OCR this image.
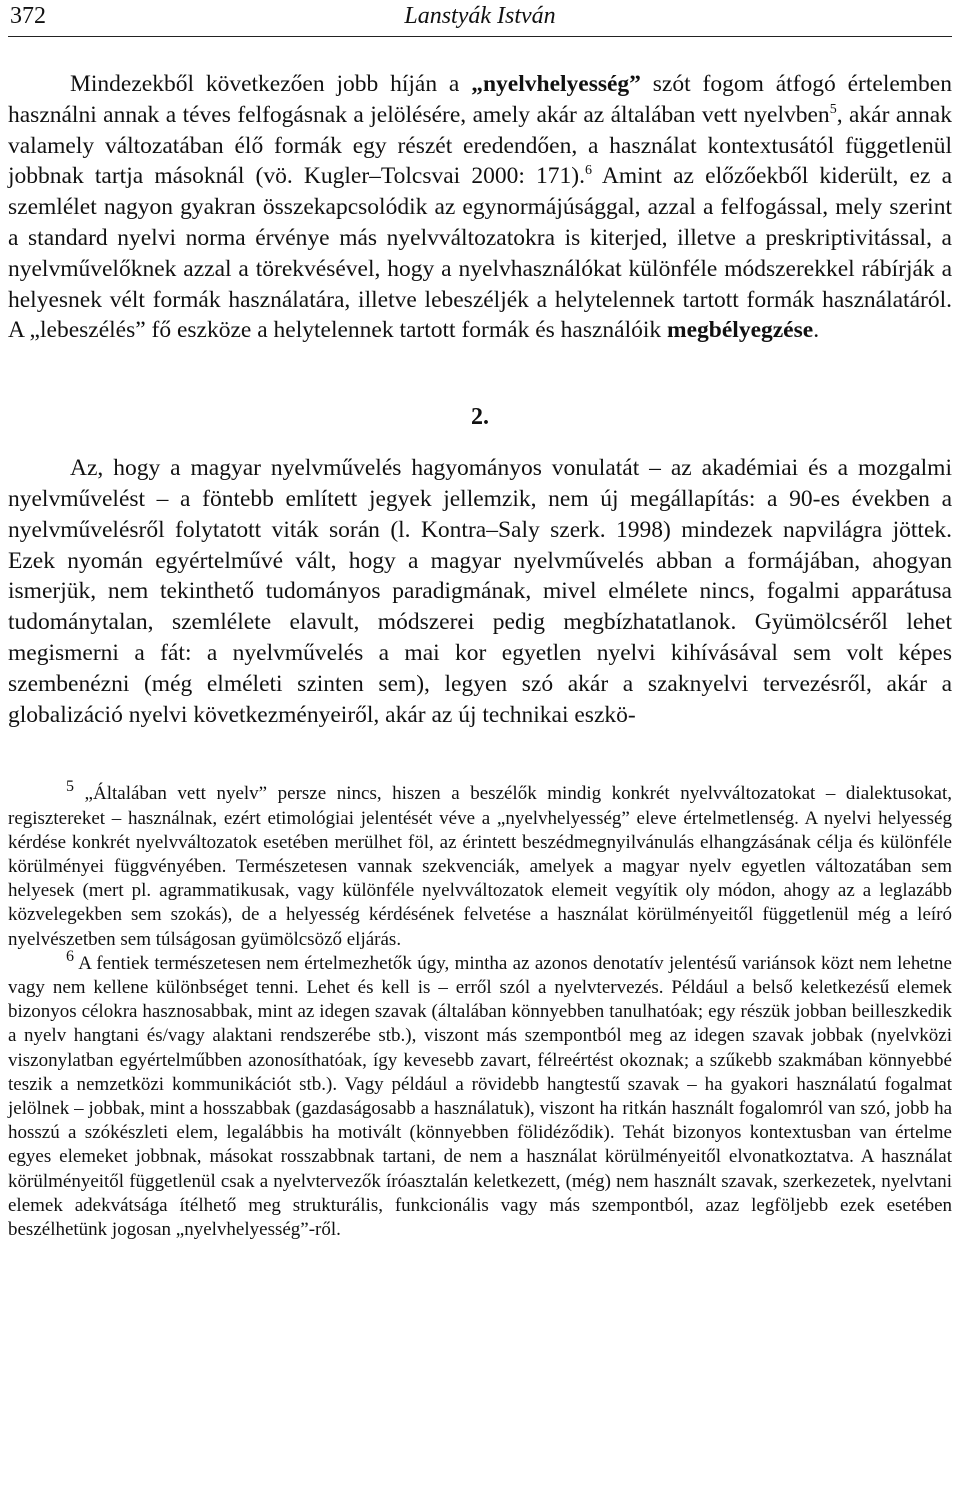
372	Lanstyák István

Mindezekből következően jobb híján a „nyelvhelyesség” szót fogom átfogó értelemben használni annak a téves felfogásnak a jelölésére, amely akár az általában vett nyelvben$^5$, akár annak valamely változatában élő formák egy részét eredendően, a használat kontextusától függetlenül jobbnak tartja másoknál (vö. Kugler–Tolcsvai 2000: 171).$^6$ Amint az előzőekből kiderült, ez a szemlélet nagyon gyakran összekapcsolódik az egynormájúsággal, azzal a felfogással, mely szerint a standard nyelvi norma érvénye más nyelvváltozatokra is kiterjed, illetve a preskriptivitással, a nyelvművelőknek azzal a törekvésével, hogy a nyelvhasználókat különféle módszerekkel rábírják a helyesnek vélt formák használatára, illetve lebeszéljék a helytelennek tartott formák használatáról. A „lebeszélés” fő eszköze a helytelennek tartott formák és használóik megbélyegzése.

2.

Az, hogy a magyar nyelvművelés hagyományos vonulatát – az akadémiai és a mozgalmi nyelvművelést – a föntebb említett jegyek jellemzik, nem új megállapítás: a 90-es években a nyelvművelésről folytatott viták során (l. Kontra–Saly szerk. 1998) mindezek napvilágra jöttek. Ezek nyomán egyértelművé vált, hogy a magyar nyelvművelés abban a formájában, ahogyan ismerjük, nem tekinthető tudományos paradigmának, mivel elmélete nincs, fogalmi apparátusa tudománytalan, szemlélete elavult, módszerei pedig megbízhatatlanok. Gyümölcséről lehet megismerni a fát: a nyelvművelés a mai kor egyetlen nyelvi kihívásával sem volt képes szembenézni (még elméleti szinten sem), legyen szó akár a szaknyelvi tervezésről, akár a globalizáció nyelvi következményeiről, akár az új technikai eszkö-

$^5$ „Általában vett nyelv” persze nincs, hiszen a beszélők mindig konkrét nyelvváltozatokat – dialektusokat, regisztereket – használnak, ezért etimológiai jelentését véve a „nyelvhelyesség” eleve értelmetlenség. A nyelvi helyesség kérdése konkrét nyelvváltozatok esetében merülhet föl, az érintett beszédmegnyilvánulás elhangzásának célja és különféle körülményei függvényében. Természetesen vannak szekvenciák, amelyek a magyar nyelv egyetlen változatában sem helyesek (mert pl. agrammatikusak, vagy különféle nyelvváltozatok elemeit vegyítik oly módon, ahogy az a leglazább közvelegekben sem szokás), de a helyesség kérdésének felvetése a használat körülményeitől függetlenül még a leíró nyelvészetben sem túlságosan gyümölcsöző eljárás.

$^6$ A fentiek természetesen nem értelmezhetők úgy, mintha az azonos denotatív jelentésű variánsok közt nem lehetne vagy nem kellene különbséget tenni. Lehet és kell is – erről szól a nyelvtervezés. Például a belső keletkezésű elemek bizonyos célokra hasznosabbak, mint az idegen szavak (általában könnyebben tanulhatóak; egy részük jobban beilleszkedik a nyelv hangtani és/vagy alaktani rendszerébe stb.), viszont más szempontból meg az idegen szavak jobbak (nyelvközi viszonylatban egyértelműbben azonosíthatóak, így kevesebb zavart, félreértést okoznak; a szűkebb szakmában könnyebbé teszik a nemzetközi kommunikációt stb.). Vagy például a rövidebb hangtestű szavak – ha gyakori használatú fogalmat jelölnek – jobbak, mint a hosszabbak (gazdaságosabb a használatuk), viszont ha ritkán használt fogalomról van szó, jobb ha hosszú a szókészleti elem, legalábbis ha motivált (könnyebben fölidéződik). Tehát bizonyos kontextusban van értelme egyes elemeket jobbnak, másokat rosszabbnak tartani, de nem a használat körülményeitől elvonatkoztatva. A használat körülményeitől függetlenül csak a nyelvtervezők íróasztalán keletkezett, (még) nem használt szavak, szerkezetek, nyelvtani elemek adekvátsága ítélhető meg strukturális, funkcionális vagy más szempontból, azaz legföljebb ezek esetében beszélhetünk jogosan „nyelvhelyesség”-ről.
